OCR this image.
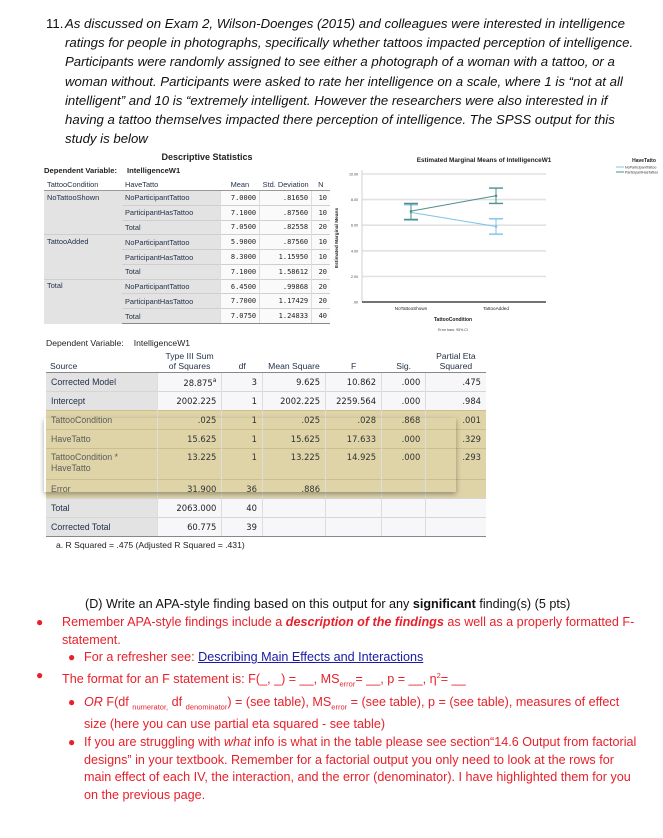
11. As discussed on Exam 2, Wilson-Doenges (2015) and colleagues were interested in intelligence ratings for people in photographs, specifically whether tattoos impacted perception of intelligence. Participants were randomly assigned to see either a photograph of a woman with a tattoo, or a woman without. Participants were asked to rate her intelligence on a scale, where 1 is “not at all intelligent” and 10 is “extremely intelligent. However the researchers were also interested in if having a tattoo themselves impacted there perception of intelligence. The SPSS output for this study is below
Descriptive Statistics
Dependent Variable: IntelligenceW1
TattooCondition	HaveTatto	Mean	Std. Deviation	N
NoTattooShown	NoParticipantTattoo	7.0000	.81650	10
	ParticipantHasTattoo	7.1000	.87560	10
	Total	7.0500	.82558	20
TattooAdded	NoParticipantTattoo	5.9000	.87560	10
	ParticipantHasTattoo	8.3000	1.15950	10
	Total	7.1000	1.58612	20
Total	NoParticipantTattoo	6.4500	.99868	20
	ParticipantHasTattoo	7.7000	1.17429	20
	Total	7.0750	1.24833	40
Estimated Marginal Means of IntelligenceW1
.00
2.00
4.00
6.00
8.00
10.00
Estimated Marginal Means
NoTattooShown	TattooAdded
TattooCondition
Error bars: 95% CI
HaveTatto
NoParticipantTattoo
ParticipantHasTattoo
Dependent Variable: IntelligenceW1
Source	Type III Sum of Squares	df	Mean Square	F	Sig.	Partial Eta Squared
Corrected Model	28.875$^a$	3	9.625	10.862	.000	.475
Intercept	2002.225	1	2002.225	2259.564	.000	.984
TattooCondition	.025	1	.025	.028	.868	.001
HaveTatto	15.625	1	15.625	17.633	.000	.329
TattooCondition * HaveTatto	13.225	1	13.225	14.925	.000	.293
Error	31.900	36	.886			
Total	2063.000	40				
Corrected Total	60.775	39				
a. R Squared = .475 (Adjusted R Squared = .431)
(D) Write an APA-style finding based on this output for any significant finding(s) (5 pts)
● Remember APA-style findings include a description of the findings as well as a properly formatted F-statement.
● For a refresher see: Describing Main Effects and Interactions
● The format for an F statement is: F(_, _) = __, $MS_{error}=$ __, p = __, $\eta^2=$ __
● OR F(df $_{numerator,}$ df $_{denominator}$) = (see table), $MS_{error} = (see$ table), p = (see table), measures of effect size (here you can use partial eta squared - see table)
● If you are struggling with what info is what in the table please see section“14.6 Output from factorial designs” in your textbook. Remember for a factorial output you only need to look at the rows for main effect of each IV, the interaction, and the error (denominator). I have highlighted them for you on the previous page.
